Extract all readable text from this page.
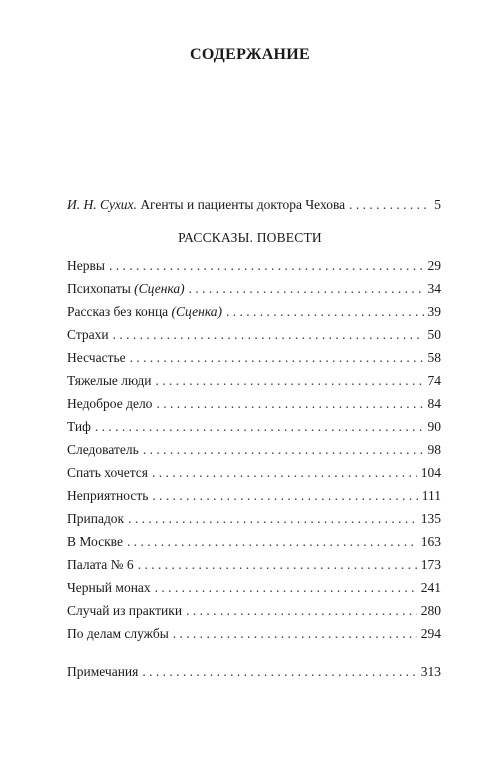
СОДЕРЖАНИЕ
И. Н. Сухих. Агенты и пациенты доктора Чехова . . .	5
РАССКАЗЫ. ПОВЕСТИ
Нервы . . .	29
Психопаты (Сценка) . . .	34
Рассказ без конца (Сценка) . . .	39
Страхи . . .	50
Несчастье . . .	58
Тяжелые люди . . .	74
Недоброе дело . . .	84
Тиф . . .	90
Следователь . . .	98
Спать хочется . . .	104
Неприятность . . .	111
Припадок . . .	135
В Москве . . .	163
Палата № 6 . . .	173
Черный монах . . .	241
Случай из практики . . .	280
По делам службы . . .	294
Примечания . . .	313
